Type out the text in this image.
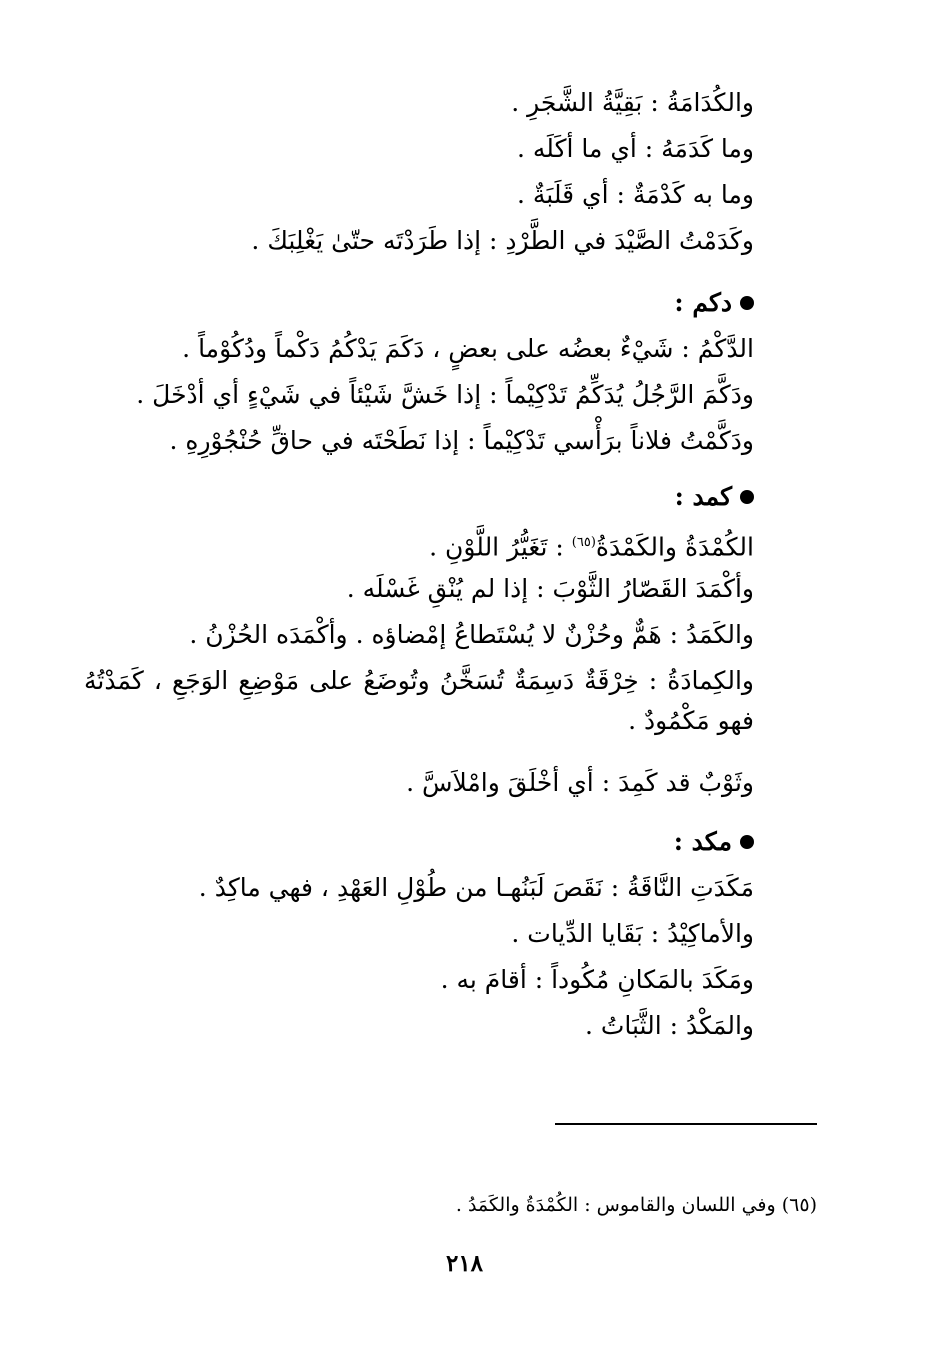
والكُدَامَةُ : بَقِيَّةُ الشَّجَرِ .
وما كَدَمَهُ : أي ما أكَلَه .
وما به كَدْمَةٌ : أي قَلَبَةٌ .
وكَدَمْتُ الصَّيْدَ في الطَّرْدِ : إذا طَرَدْتَه حتّىٰ يَغْلِبَكَ .
دكم :
الدَّكْمُ : شَيْءٌ بعضُه على بعضٍ ، دَكَمَ يَدْكُمُ دَكْماً ودُكُوْماً .
ودَكَّمَ الرَّجُلُ يُدَكِّمُ تَدْكِيْماً : إذا خَشَّ شَيْئاً في شَيْءٍ أي أدْخَلَ .
ودَكَّمْتُ فلاناً برَأْسي تَدْكِيْماً : إذا نَطَحْتَه في حاقِّ حُنْجُوْرِهِ .
كمد :
الكُمْدَةُ والكَمْدَةُ$^{(٦٥)}$ : تَغَيُّرُ اللَّوْنِ .
وأكْمَدَ القَصّارُ الثَّوْبَ : إذا لم يُنْقِ غَسْلَه .
والكَمَدُ : هَمٌّ وحُزْنٌ لا يُسْتَطاعُ إمْضاؤه . وأكْمَدَه الحُزْنُ .
والكِمادَةُ : خِرْقَةٌ دَسِمَةٌ تُسَخَّنُ وتُوضَعُ على مَوْضِعِ الوَجَعِ ، كَمَدْتُهُ فهو مَكْمُودٌ .
وثَوْبٌ قد كَمِدَ : أي أخْلَقَ وامْلاَسَّ .
مكد :
مَكَدَتِ النَّاقَةُ : نَقَصَ لَبَنُهـا من طُوْلِ العَهْدِ ، فهي ماكِدٌ .
والأماكِيْدُ : بَقَايا الدِّيات .
ومَكَدَ بالمَكانِ مُكُوداً : أقامَ به .
والمَكْدُ : الثَّبَاتُ .
(٦٥) وفي اللسان والقاموس : الكُمْدَةُ والكَمَدُ .
٢١٨
